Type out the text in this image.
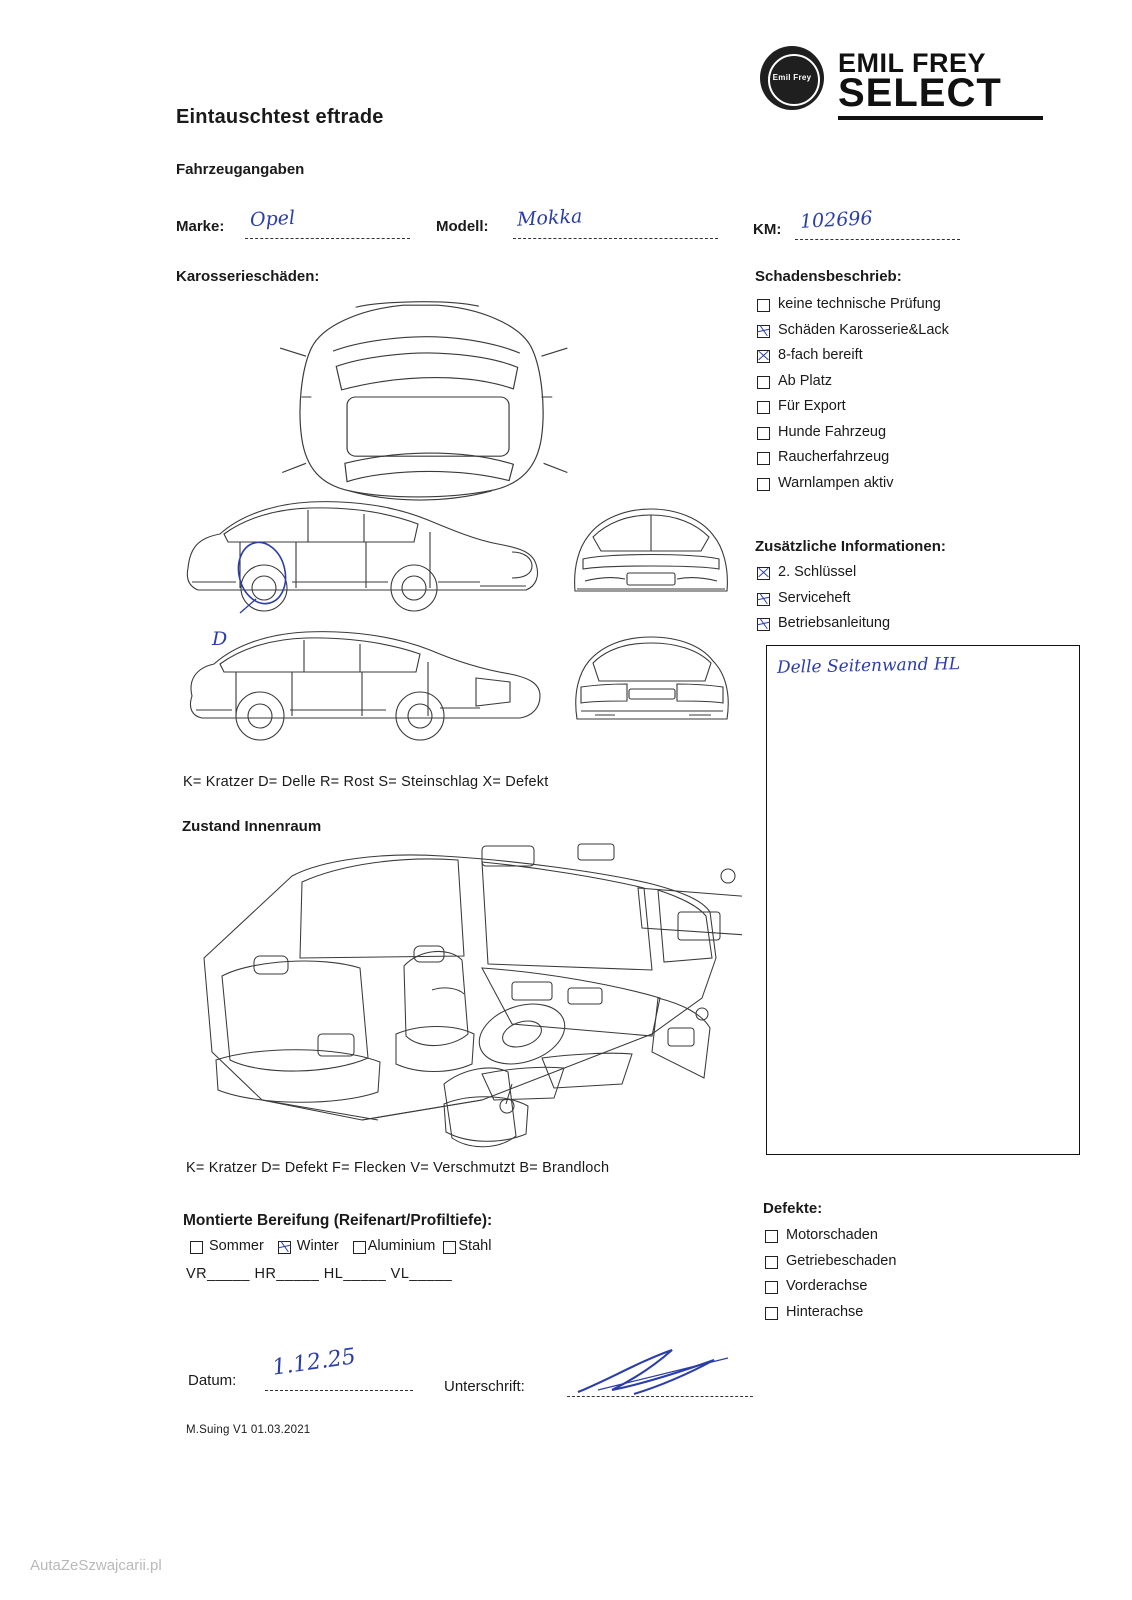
Emil Frey EMIL FREY
SELECT
Eintauschtest eftrade
Fahrzeugangaben
Marke: Opel	Modell: Mokka	KM: 102696
Karosserieschäden:
D
K= Kratzer D= Delle R= Rost S= Steinschlag X= Defekt
Zustand Innenraum
K= Kratzer D= Defekt F= Flecken V= Verschmutzt B= Brandloch
Montierte Bereifung (Reifenart/Profiltiefe):
Sommer Winter Aluminium Stahl
VR_____ HR_____ HL_____ VL_____
Schadensbeschrieb:
keine technische Prüfung
Schäden Karosserie&Lack
8-fach bereift
Ab Platz
Für Export
Hunde Fahrzeug
Raucherfahrzeug
Warnlampen aktiv
Zusätzliche Informationen:
2. Schlüssel
Serviceheft
Betriebsanleitung
Delle Seitenwand HL
Defekte:
Motorschaden
Getriebeschaden
Vorderachse
Hinterachse
Datum: 1.12.25
Unterschrift:
M.Suing V1 01.03.2021
AutaZeSzwajcarii.pl
